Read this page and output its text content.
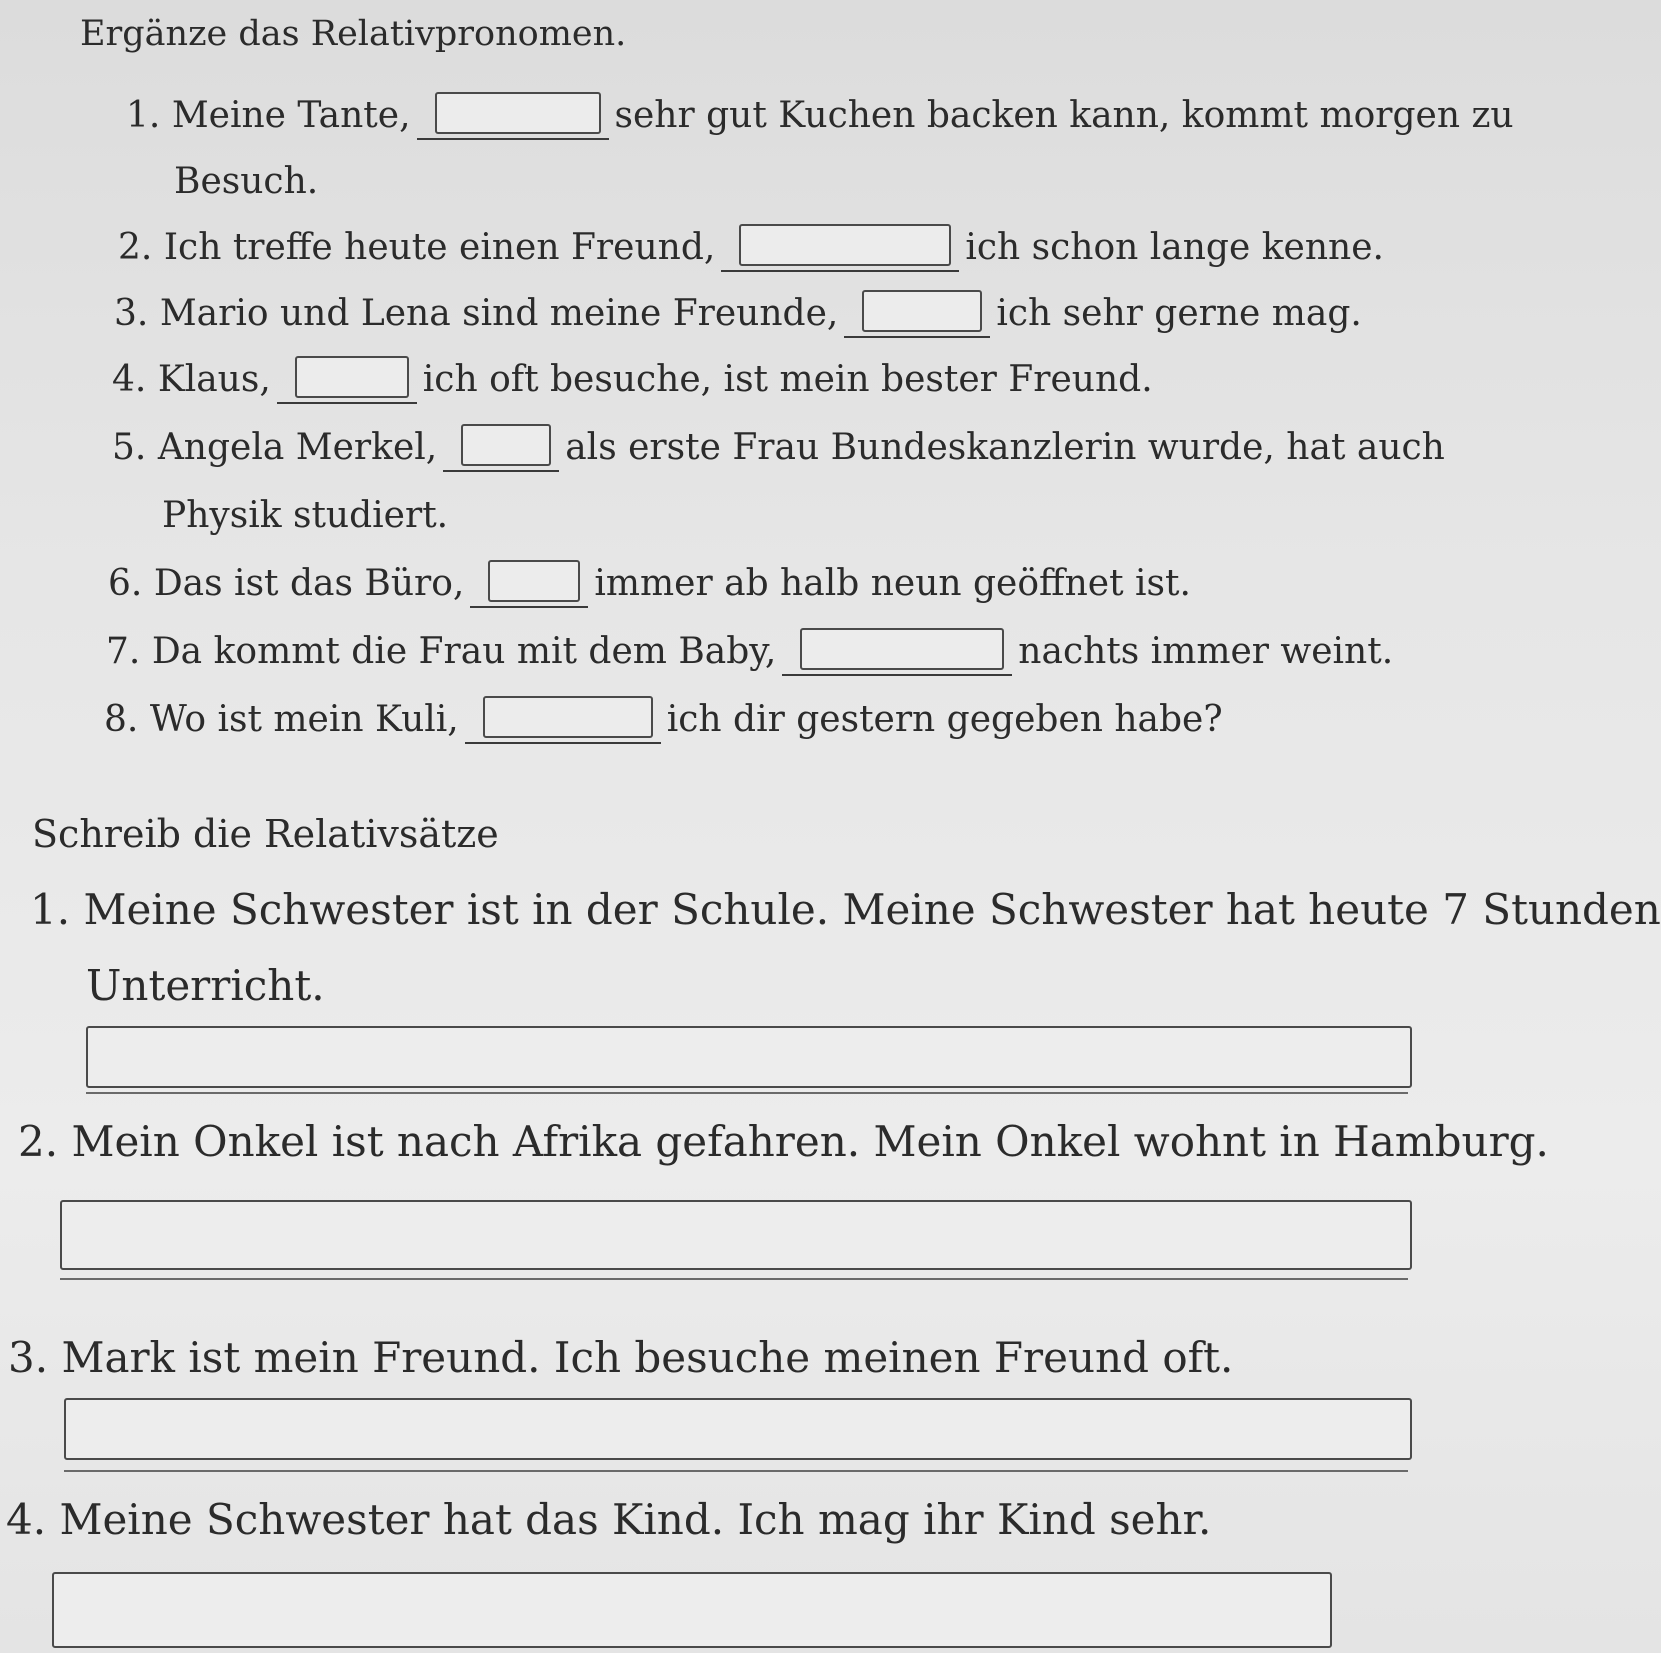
Ergänze das Relativpronomen.
1. Meine Tante,	sehr gut Kuchen backen kann, kommt morgen zu
Besuch.
2. Ich treffe heute einen Freund,	ich schon lange kenne.
3. Mario und Lena sind meine Freunde,	ich sehr gerne mag.
4. Klaus,	ich oft besuche, ist mein bester Freund.
5. Angela Merkel,	als erste Frau Bundeskanzlerin wurde, hat auch
Physik studiert.
6. Das ist das Büro,	immer ab halb neun geöffnet ist.
7. Da kommt die Frau mit dem Baby,	nachts immer weint.
8. Wo ist mein Kuli,	ich dir gestern gegeben habe?
Schreib die Relativsätze
1. Meine Schwester ist in der Schule. Meine Schwester hat heute 7 Stunden
Unterricht.
2. Mein Onkel ist nach Afrika gefahren. Mein Onkel wohnt in Hamburg.
3. Mark ist mein Freund. Ich besuche meinen Freund oft.
4. Meine Schwester hat das Kind. Ich mag ihr Kind sehr.
